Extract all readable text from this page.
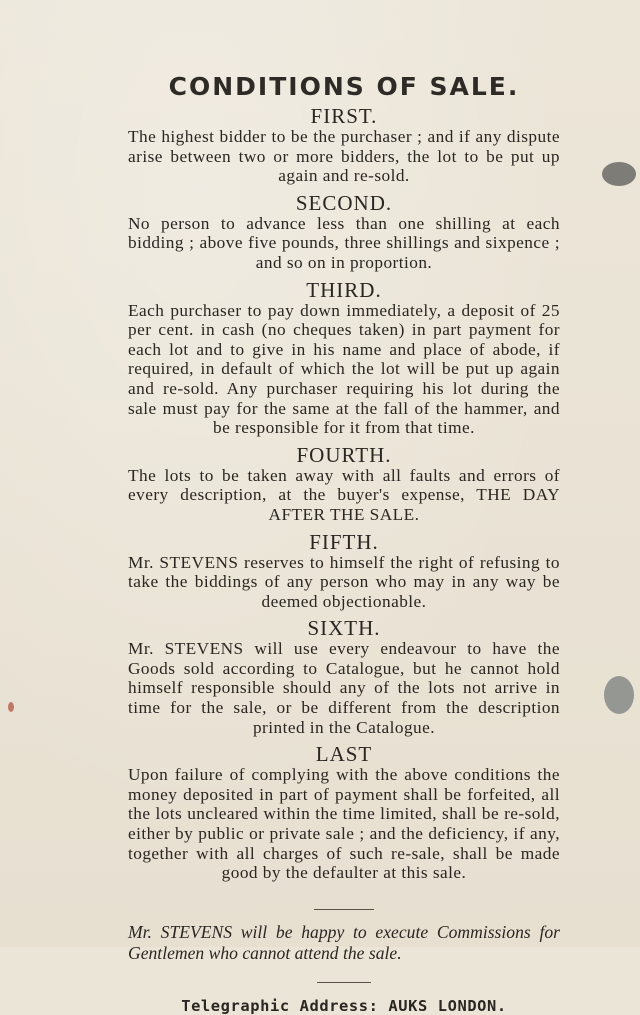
CONDITIONS OF SALE.

FIRST.

The highest bidder to be the purchaser ; and if any dispute arise between two or more bidders, the lot to be put up again and re-sold.

SECOND.

No person to advance less than one shilling at each bidding ; above five pounds, three shillings and sixpence ; and so on in proportion.

THIRD.

Each purchaser to pay down immediately, a deposit of 25 per cent. in cash (no cheques taken) in part payment for each lot and to give in his name and place of abode, if required, in default of which the lot will be put up again and re-sold. Any purchaser requiring his lot during the sale must pay for the same at the fall of the hammer, and be responsible for it from that time.

FOURTH.

The lots to be taken away with all faults and errors of every description, at the buyer's expense, THE DAY AFTER THE SALE.

FIFTH.

Mr. STEVENS reserves to himself the right of refusing to take the biddings of any person who may in any way be deemed objectionable.

SIXTH.

Mr. STEVENS will use every endeavour to have the Goods sold according to Catalogue, but he cannot hold himself responsible should any of the lots not arrive in time for the sale, or be different from the description printed in the Catalogue.

LAST

Upon failure of complying with the above conditions the money deposited in part of payment shall be forfeited, all the lots uncleared within the time limited, shall be re-sold, either by public or private sale ; and the deficiency, if any, together with all charges of such re-sale, shall be made good by the defaulter at this sale.

Mr. STEVENS will be happy to execute Commissions for Gentlemen who cannot attend the sale.

Telegraphic Address: AUKS LONDON.
